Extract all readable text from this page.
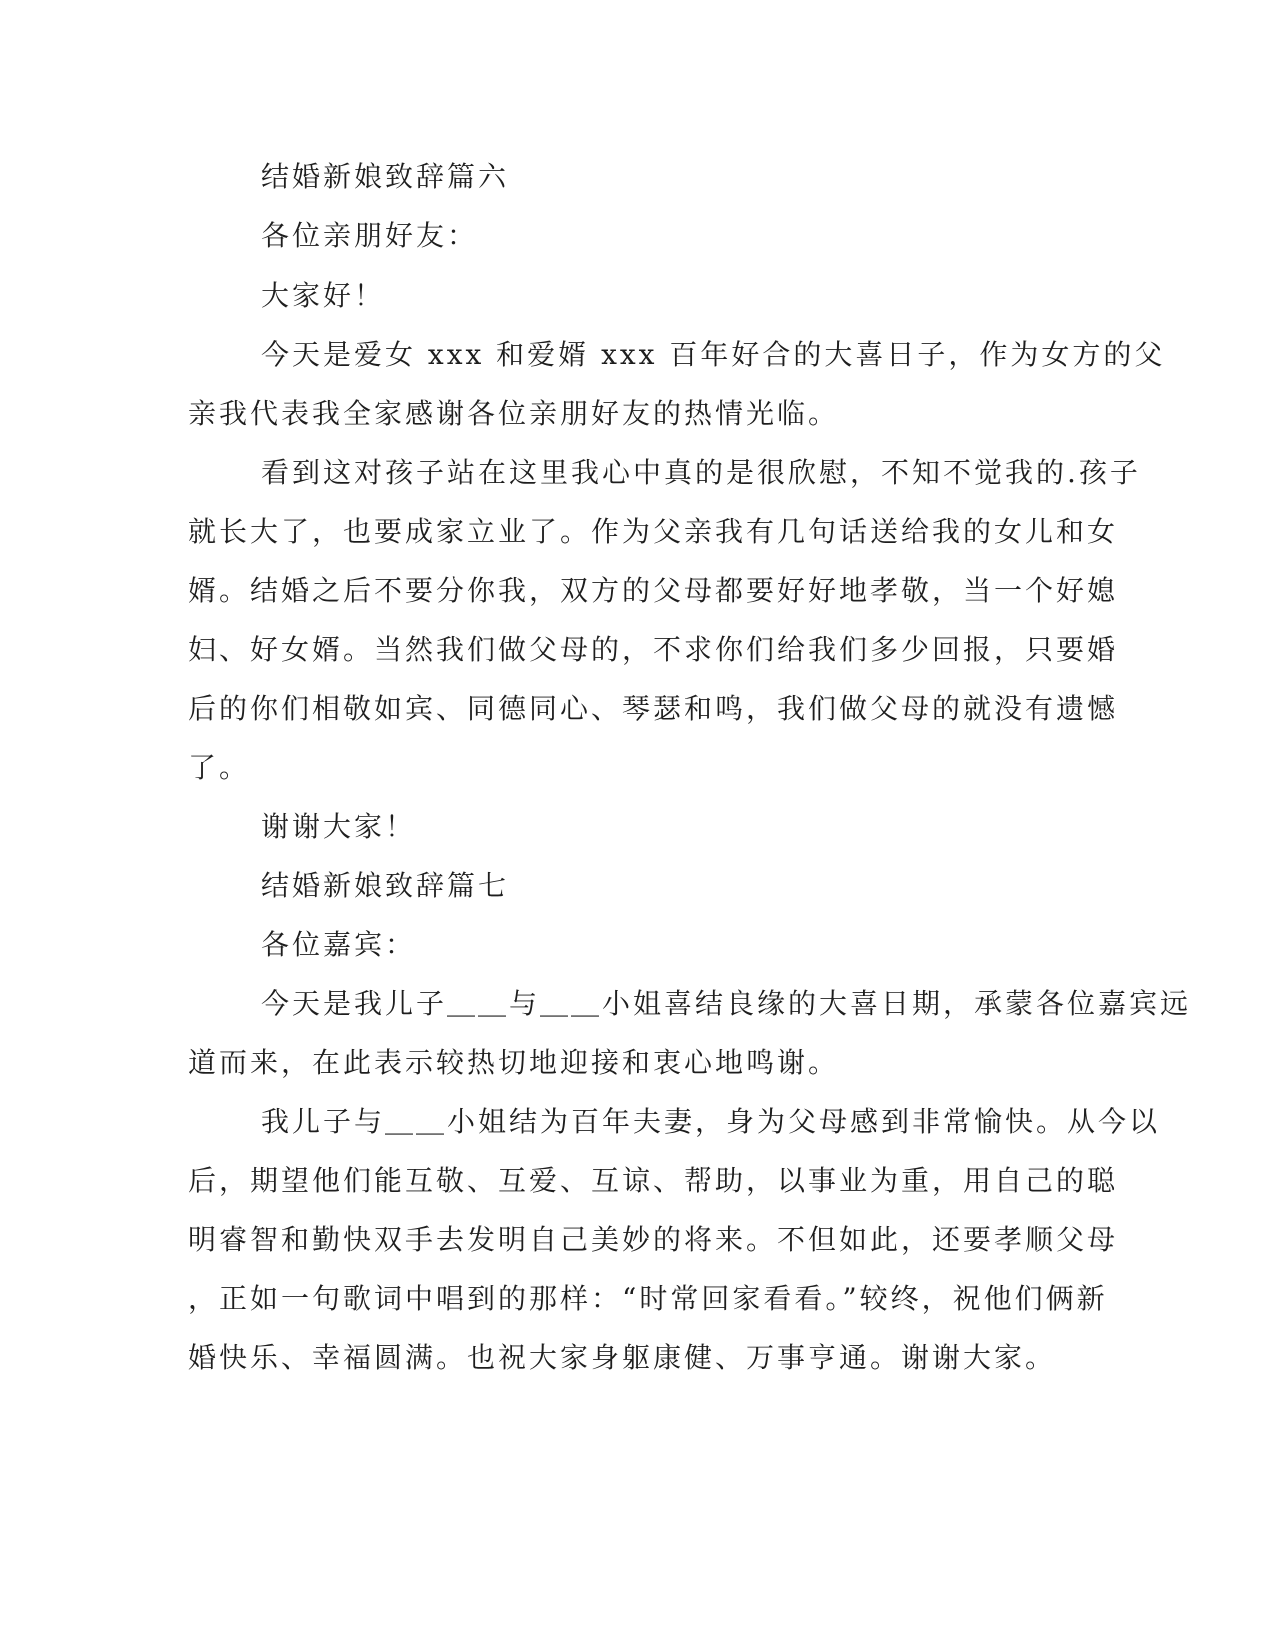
结婚新娘致辞篇六
各位亲朋好友：
大家好！
今天是爱女 xxx 和爱婿 xxx 百年好合的大喜日子，作为女方的父
亲我代表我全家感谢各位亲朋好友的热情光临。
看到这对孩子站在这里我心中真的是很欣慰，不知不觉我的.孩子
就长大了，也要成家立业了。作为父亲我有几句话送给我的女儿和女
婿。结婚之后不要分你我，双方的父母都要好好地孝敬，当一个好媳
妇、好女婿。当然我们做父母的，不求你们给我们多少回报，只要婚
后的你们相敬如宾、同德同心、琴瑟和鸣，我们做父母的就没有遗憾
了。
谢谢大家！
结婚新娘致辞篇七
各位嘉宾：
今天是我儿子＿＿与＿＿小姐喜结良缘的大喜日期，承蒙各位嘉宾远
道而来，在此表示较热切地迎接和衷心地鸣谢。
我儿子与＿＿小姐结为百年夫妻，身为父母感到非常愉快。从今以
后，期望他们能互敬、互爱、互谅、帮助，以事业为重，用自己的聪
明睿智和勤快双手去发明自己美妙的将来。不但如此，还要孝顺父母
，正如一句歌词中唱到的那样：“时常回家看看。”较终，祝他们俩新
婚快乐、幸福圆满。也祝大家身躯康健、万事亨通。谢谢大家。
